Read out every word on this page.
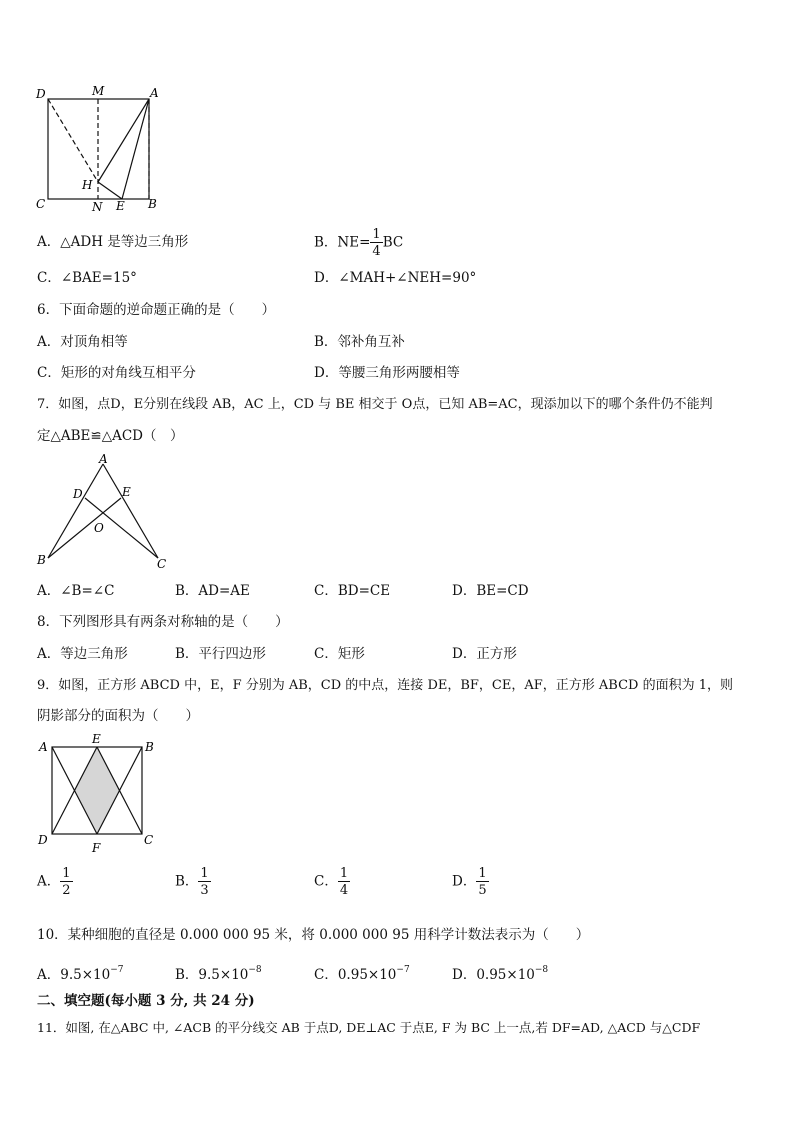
D	M	A
H
C	N E B
A．△ADH 是等边三角形	B．$NE= \frac{1}{4}$ BC
C．∠BAE=15°	D．∠MAH+∠NEH=90°
6．下面命题的逆命题正确的是（　　）
A．对顶角相等	B．邻补角互补
C．矩形的对角线互相平分	D．等腰三角形两腰相等
7．如图，点D，E分别在线段 AB，AC 上，CD 与 BE 相交于 O点，已知 AB=AC，现添加以下的哪个条件仍不能判
定△ABE≌△ACD（　）
A
D	E
O
B	C
A．∠B=∠C	B．AD=AE	C．BD=CE	D．BE=CD
8．下列图形具有两条对称轴的是（　　）
A．等边三角形	B．平行四边形	C．矩形	D．正方形
9．如图，正方形 ABCD 中，E，F 分别为 AB，CD 的中点，连接 DE，BF，CE，AF，正方形 ABCD 的面积为 1，则
阴影部分的面积为（　　）
A
E
B
D
F
C
A． $\frac{1}{2}$	B． $\frac{1}{3}$	C． $\frac{1}{4}$	D． $\frac{1}{5}$
10．某种细胞的直径是 0.000 000 95 米，将 0.000 000 95 用科学计数法表示为（　　）
A．$9.5\times 10^{-7}$	B．$9.5\times 10^{-8}$	C．$0.95\times 10^{-7}$	D．$0.95\times 10^{-8}$
二、填空题(每小题 3 分, 共 24 分)
11．如图, 在△ABC 中, ∠ACB 的平分线交 AB 于点D, DE⊥AC 于点E, F 为 BC 上一点,若 DF=AD, △ACD 与△CDF
